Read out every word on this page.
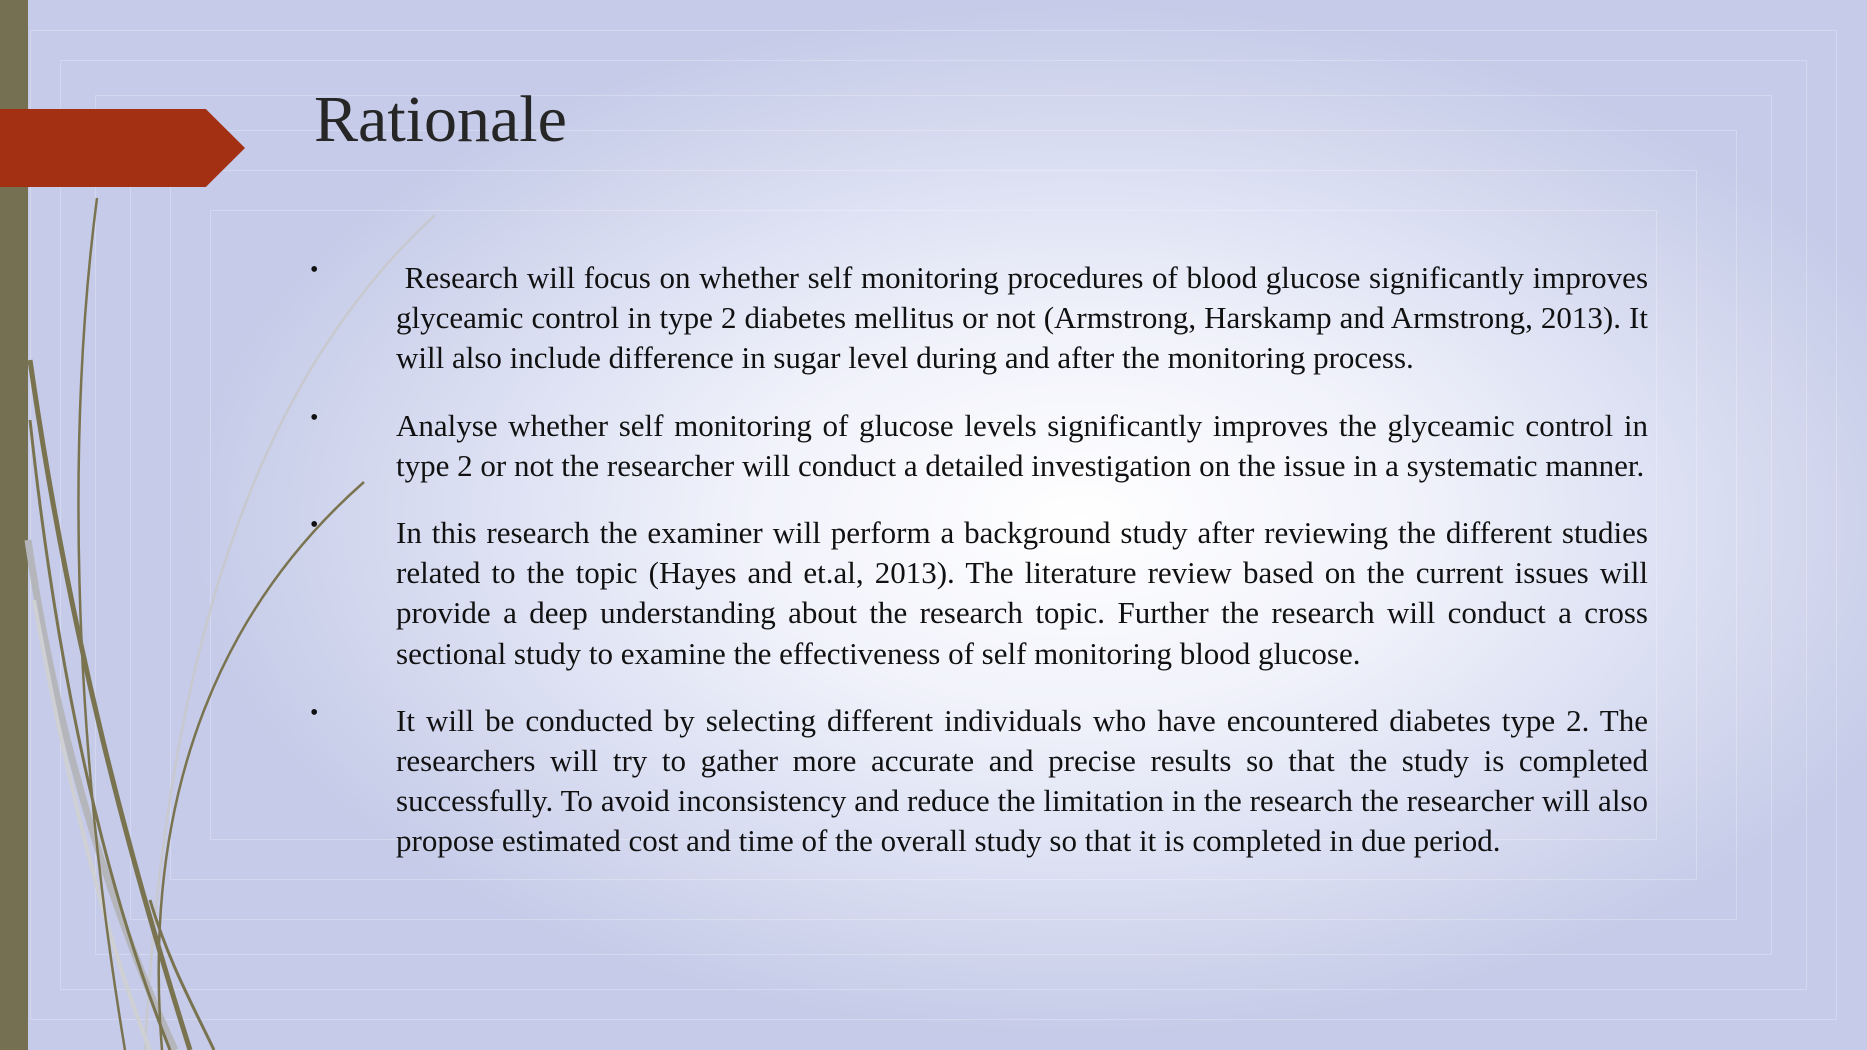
Rationale
•	Research will focus on whether self monitoring procedures of blood glucose significantly improves glyceamic control in type 2 diabetes mellitus or not (Armstrong, Harskamp and Armstrong, 2013). It will also include difference in sugar level during and after the monitoring process.

•	Analyse whether self monitoring of glucose levels significantly improves the glyceamic control in type 2 or not the researcher will conduct a detailed investigation on the issue in a systematic manner.

•	In this research the examiner will perform a background study after reviewing the different studies related to the topic (Hayes and et.al, 2013). The literature review based on the current issues will provide a deep understanding about the research topic. Further the research will conduct a cross sectional study to examine the effectiveness of self monitoring blood glucose.

•	It will be conducted by selecting different individuals who have encountered diabetes type 2. The researchers will try to gather more accurate and precise results so that the study is completed successfully. To avoid inconsistency and reduce the limitation in the research the researcher will also propose estimated cost and time of the overall study so that it is completed in due period.
